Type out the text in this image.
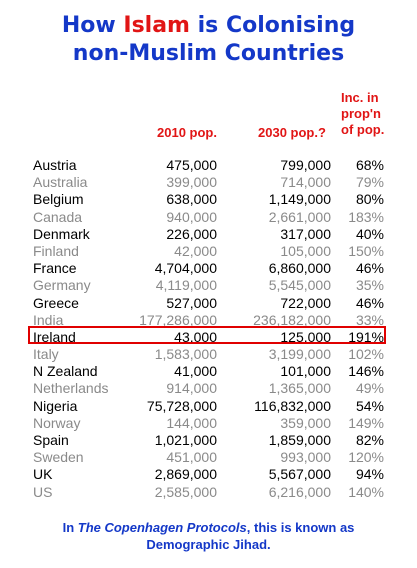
How Islam is Colonising
non-Muslim Countries
2010 pop.	2030 pop.?
Inc. in
prop'n
of pop.
Austria	475,000	799,000 68%
Australia	399,000	714,000 79%
Belgium	638,000	1,149,000 80%
Canada	940,000	2,661,000 183%
Denmark	226,000	317,000 40%
Finland	42,000	105,000 150%
France	4,704,000	6,860,000 46%
Germany	4,119,000	5,545,000 35%
Greece	527,000	722,000 46%
India	177,286,000	236,182,000 33%
Ireland	43,000	125,000 191%
Italy	1,583,000	3,199,000 102%
N Zealand	41,000	101,000 146%
Netherlands	914,000	1,365,000 49%
Nigeria	75,728,000	116,832,000 54%
Norway	144,000	359,000 149%
Spain	1,021,000	1,859,000 82%
Sweden	451,000	993,000 120%
UK	2,869,000	5,567,000 94%
US	2,585,000	6,216,000 140%
In The Copenhagen Protocols, this is known as
Demographic Jihad.
